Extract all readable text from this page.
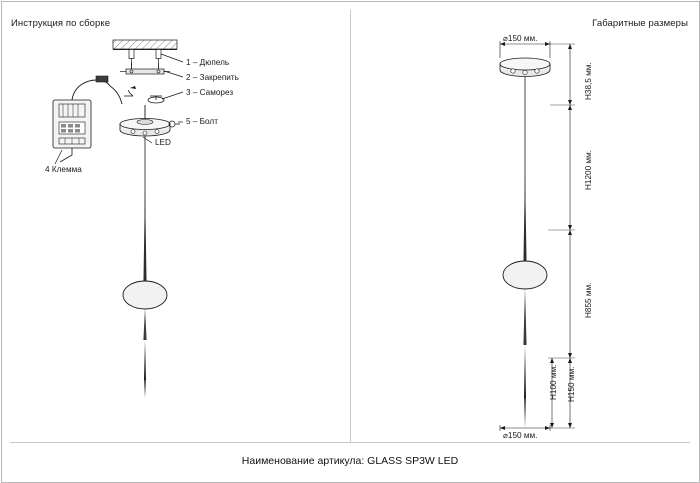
Инструкция по сборке	Габаритные размеры
1 – Дюпель
2 – Закрепить
3 – Саморез
5 – Болт
4 Клемма
LED
⌀150 мм.
⌀150 мм.
H38,5 мм.
H1200 мм.
H855 мм.
H100 мм. H150 мм.
Наименование артикула: GLASS SP3W LED
